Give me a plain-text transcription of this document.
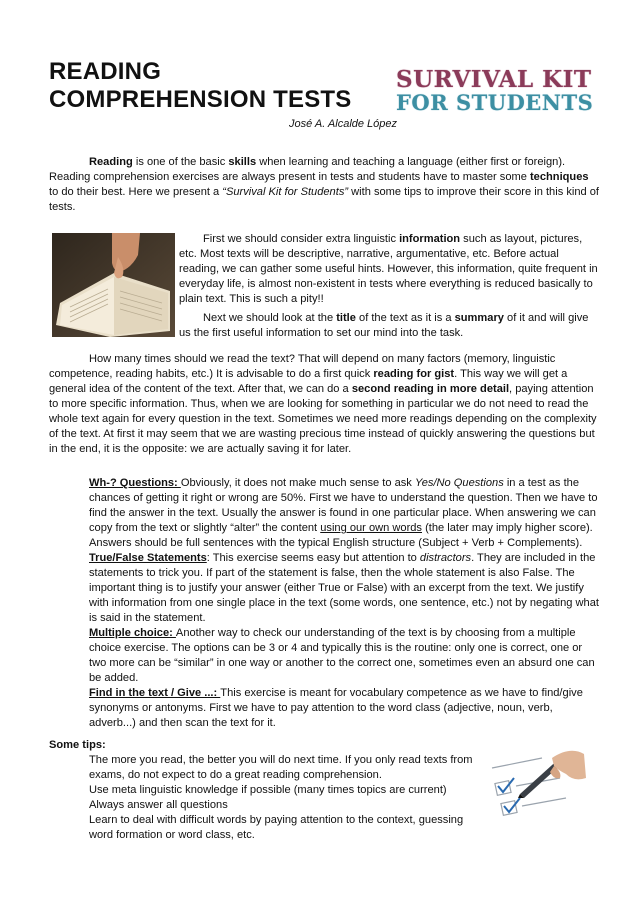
READING
COMPREHENSION TESTS
SURVIVAL KIT
FOR STUDENTS
José A. Alcalde López

Reading is one of the basic skills when learning and teaching a language (either first or foreign). Reading comprehension exercises are always present in tests and students have to master some techniques to do their best. Here we present a “Survival Kit for Students” with some tips to improve their score in this kind of tests.

First we should consider extra linguistic information such as layout, pictures, etc. Most texts will be descriptive, narrative, argumentative, etc. Before actual reading, we can gather some useful hints. However, this information, quite frequent in everyday life, is almost non-existent in tests where everything is reduced basically to plain text. This is such a pity!!

Next we should look at the title of the text as it is a summary of it and will give us the first useful information to set our mind into the task.

How many times should we read the text? That will depend on many factors (memory, linguistic competence, reading habits, etc.) It is advisable to do a first quick reading for gist. This way we will get a general idea of the content of the text. After that, we can do a second reading in more detail, paying attention to more specific information. Thus, when we are looking for something in particular we do not need to read the whole text again for every question in the text. Sometimes we need more readings depending on the complexity of the text. At first it may seem that we are wasting precious time instead of quickly answering the questions but in the end, it is the opposite: we are actually saving it for later.

Wh-? Questions: Obviously, it does not make much sense to ask Yes/No Questions in a test as the chances of getting it right or wrong are 50%. First we have to understand the question. Then we have to find the answer in the text. Usually the answer is found in one particular place. When answering we can copy from the text or slightly “alter” the content using our own words (the later may imply higher score). Answers should be full sentences with the typical English structure (Subject + Verb + Complements).
True/False Statements: This exercise seems easy but attention to distractors. They are included in the statements to trick you. If part of the statement is false, then the whole statement is also False. The important thing is to justify your answer (either True or False) with an excerpt from the text. We justify with information from one single place in the text (some words, one sentence, etc.) not by negating what is said in the statement.
Multiple choice: Another way to check our understanding of the text is by choosing from a multiple choice exercise. The options can be 3 or 4 and typically this is the routine: only one is correct, one or two more can be “similar” in one way or another to the correct one, sometimes even an absurd one can be added.
Find in the text / Give ...: This exercise is meant for vocabulary competence as we have to find/give synonyms or antonyms. First we have to pay attention to the word class (adjective, noun, verb, adverb...) and then scan the text for it.
Some tips:
The more you read, the better you will do next time. If you only read texts from exams, do not expect to do a great reading comprehension.
Use meta linguistic knowledge if possible (many times topics are current)
Always answer all questions
Learn to deal with difficult words by paying attention to the context, guessing word formation or word class, etc.
